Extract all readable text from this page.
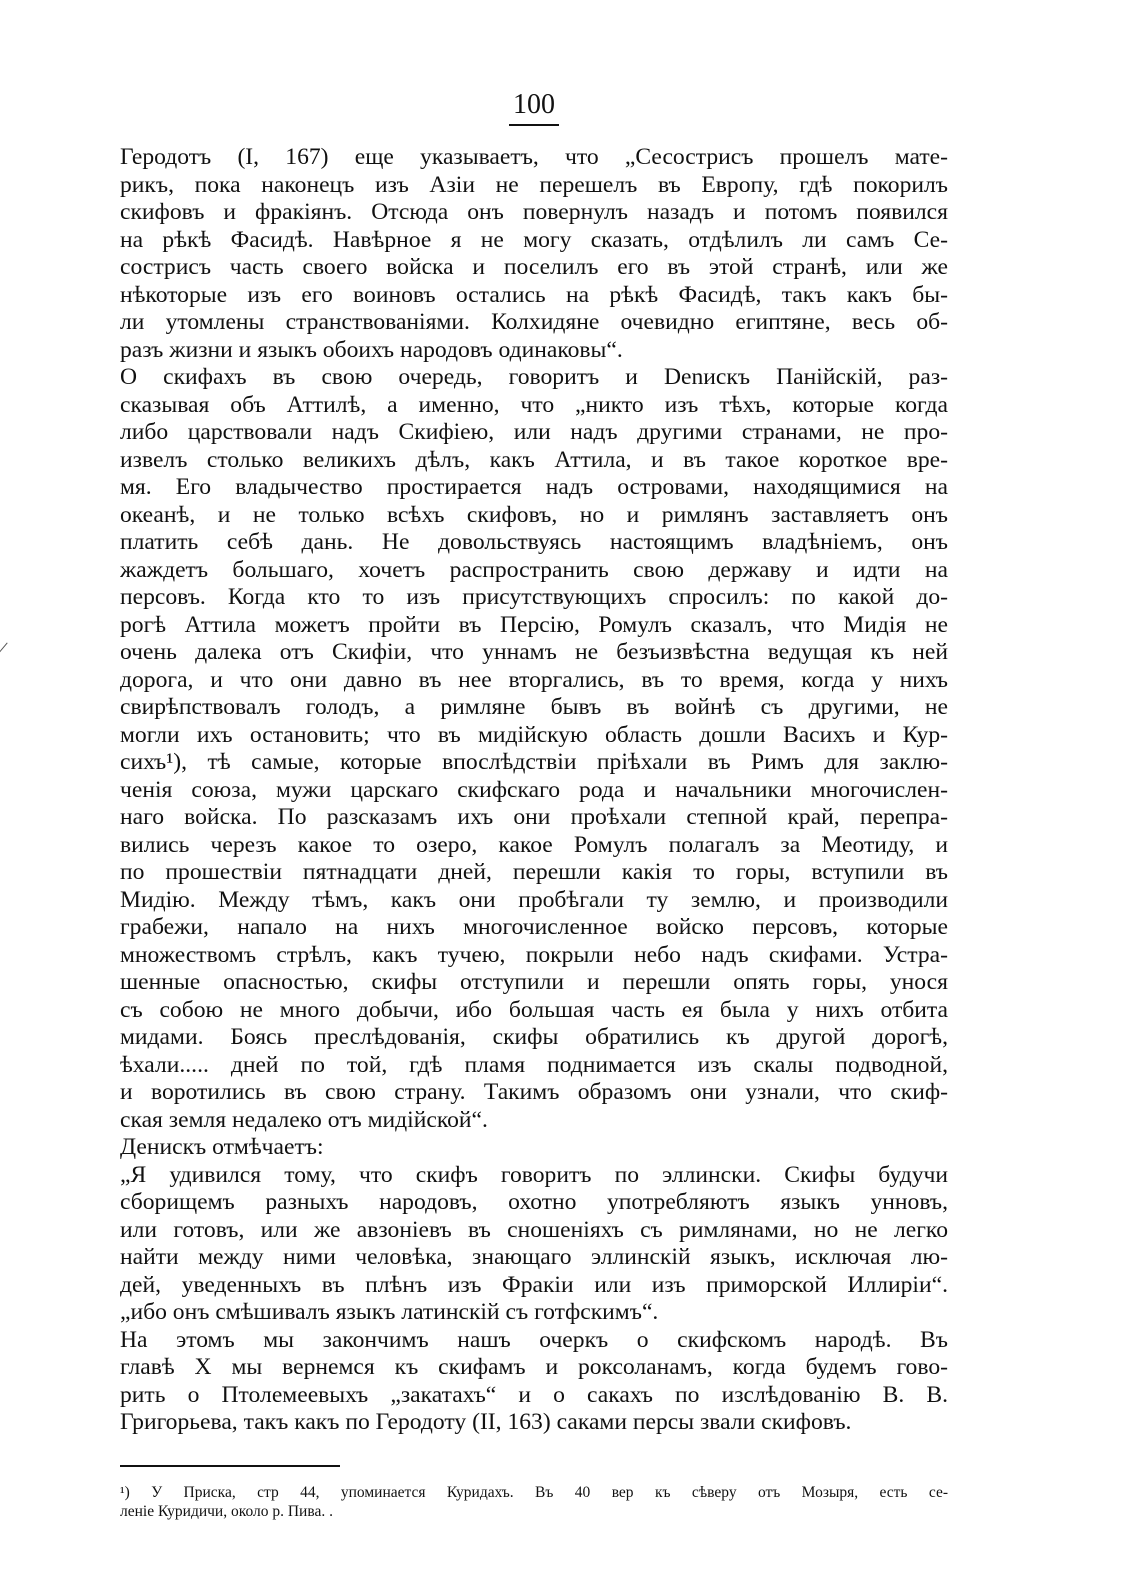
100

Геродотъ (I, 167) еще указываетъ, что „Сесострисъ прошелъ мате-
рикъ, пока наконецъ изъ Азіи не перешелъ въ Европу, гдѣ покорилъ
скифовъ и фракіянъ. Отсюда онъ повернулъ назадъ и потомъ появился
на рѣкѣ Фасидѣ. Навѣрное я не могу сказать, отдѣлилъ ли самъ Се-
сострисъ часть своего войска и поселилъ его въ этой странѣ, или же
нѣкоторые изъ его воиновъ остались на рѣкѣ Фасидѣ, такъ какъ бы-
ли утомлены странствованіями. Колхидяне очевидно египтяне, весь об-
разъ жизни и языкъ обоихъ народовъ одинаковы“.

О скифахъ въ свою очередь, говоритъ и Denискъ Панійскій, раз-
сказывая объ Аттилѣ, а именно, что „никто изъ тѣхъ, которые когда
либо царствовали надъ Скифіею, или надъ другими странами, не про-
извелъ столько великихъ дѣлъ, какъ Аттила, и въ такое короткое вре-
мя. Его владычество простирается надъ островами, находящимися на
океанѣ, и не только всѣхъ скифовъ, но и римлянъ заставляетъ онъ
платить себѣ дань. Не довольствуясь настоящимъ владѣніемъ, онъ
жаждетъ большаго, хочетъ распространить свою державу и идти на
персовъ. Когда кто то изъ присутствующихъ спросилъ: по какой до-
рогѣ Аттила можетъ пройти въ Персію, Ромулъ сказалъ, что Мидія не
очень далека отъ Скифіи, что уннамъ не безъизвѣстна ведущая къ ней
дорога, и что они давно въ нее вторгались, въ то время, когда у нихъ
свирѣпствовалъ голодъ, а римляне бывъ въ войнѣ съ другими, не
могли ихъ остановить; что въ мидійскую область дошли Васихъ и Кур-
сихъ¹), тѣ самые, которые впослѣдствіи пріѣхали въ Римъ для заклю-
ченія союза, мужи царскаго скифскаго рода и начальники многочислен-
наго войска. По разсказамъ ихъ они проѣхали степной край, перепра-
вились черезъ какое то озеро, какое Ромулъ полагалъ за Меотиду, и
по прошествіи пятнадцати дней, перешли какія то горы, вступили въ
Мидію. Между тѣмъ, какъ они пробѣгали ту землю, и производили
грабежи, напало на нихъ многочисленное войско персовъ, которые
множествомъ стрѣлъ, какъ тучею, покрыли небо надъ скифами. Устра-
шенные опасностью, скифы отступили и перешли опять горы, унося
съ собою не много добычи, ибо большая часть ея была у нихъ отбита
мидами. Боясь преслѣдованія, скифы обратились къ другой дорогѣ,
ѣхали..... дней по той, гдѣ пламя поднимается изъ скалы подводной,
и воротились въ свою страну. Такимъ образомъ они узнали, что скиф-
ская земля недалеко отъ мидійской“.

Денискъ отмѣчаетъ:

„Я удивился тому, что скифъ говоритъ по эллински. Скифы будучи
сборищемъ разныхъ народовъ, охотно употребляютъ языкъ унновъ,
или готовъ, или же авзоніевъ въ сношеніяхъ съ римлянами, но не легко
найти между ними человѣка, знающаго эллинскій языкъ, исключая лю-
дей, уведенныхъ въ плѣнъ изъ Фракіи или изъ приморской Иллиріи“.
„ибо онъ смѣшивалъ языкъ латинскій съ готфскимъ“.

На этомъ мы закончимъ нашъ очеркъ о скифскомъ народѣ. Въ
главѣ X мы вернемся къ скифамъ и роксоланамъ, когда будемъ гово-
рить о Птолемеевыхъ „закатахъ“ и о сакахъ по изслѣдованію В. В.
Григорьева, такъ какъ по Геродоту (II, 163) саками персы звали скифовъ.

¹) У Приска, стр 44, упоминается Куридахъ. Въ 40 вер къ сѣверу отъ Мозыря, есть се-
леніе Куридичи, около р. Пива. .
